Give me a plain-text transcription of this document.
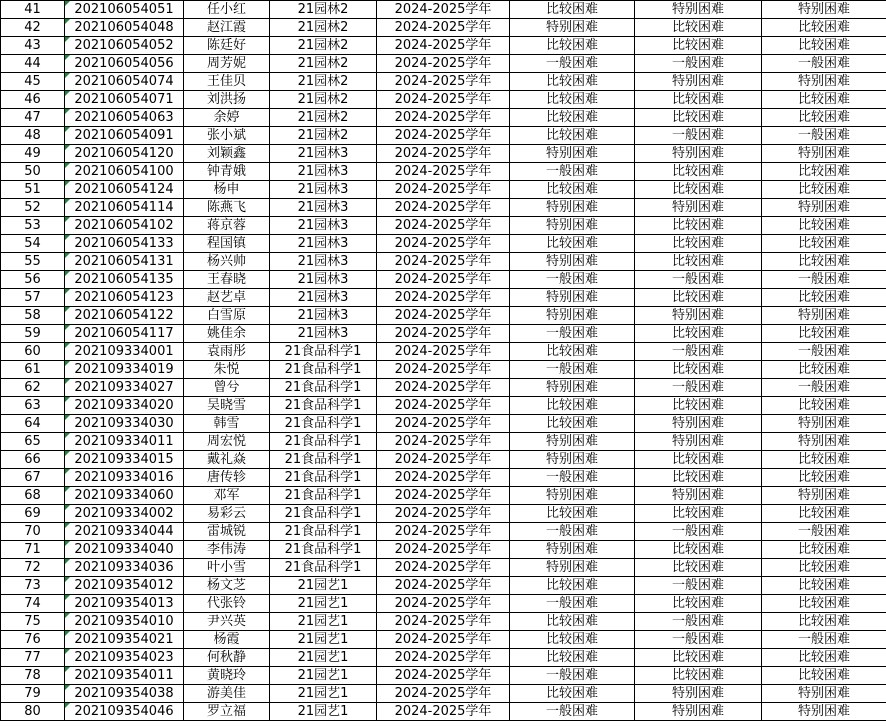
41	202106054051	任小红	21园林2	2024-2025学年	比较困难	特别困难	特别困难
42	202106054048	赵江霞	21园林2	2024-2025学年	特别困难	比较困难	比较困难
43	202106054052	陈廷好	21园林2	2024-2025学年	比较困难	比较困难	比较困难
44	202106054056	周芳妮	21园林2	2024-2025学年	一般困难	一般困难	一般困难
45	202106054074	王佳贝	21园林2	2024-2025学年	比较困难	特别困难	特别困难
46	202106054071	刘洪扬	21园林2	2024-2025学年	比较困难	比较困难	比较困难
47	202106054063	余婷	21园林2	2024-2025学年	比较困难	比较困难	比较困难
48	202106054091	张小斌	21园林2	2024-2025学年	比较困难	一般困难	一般困难
49	202106054120	刘颖鑫	21园林3	2024-2025学年	特别困难	特别困难	特别困难
50	202106054100	钟青娥	21园林3	2024-2025学年	一般困难	比较困难	比较困难
51	202106054124	杨申	21园林3	2024-2025学年	比较困难	比较困难	比较困难
52	202106054114	陈燕飞	21园林3	2024-2025学年	特别困难	特别困难	特别困难
53	202106054102	蒋京蓉	21园林3	2024-2025学年	特别困难	比较困难	比较困难
54	202106054133	程国镇	21园林3	2024-2025学年	比较困难	比较困难	比较困难
55	202106054131	杨兴帅	21园林3	2024-2025学年	特别困难	比较困难	比较困难
56	202106054135	王春晓	21园林3	2024-2025学年	一般困难	一般困难	一般困难
57	202106054123	赵艺卓	21园林3	2024-2025学年	特别困难	比较困难	比较困难
58	202106054122	白雪原	21园林3	2024-2025学年	特别困难	特别困难	特别困难
59	202106054117	姚佳余	21园林3	2024-2025学年	一般困难	比较困难	比较困难
60	202109334001	袁雨彤	21食品科学1	2024-2025学年	比较困难	一般困难	一般困难
61	202109334019	朱悦	21食品科学1	2024-2025学年	一般困难	比较困难	比较困难
62	202109334027	曾兮	21食品科学1	2024-2025学年	特别困难	一般困难	一般困难
63	202109334020	吴晓雪	21食品科学1	2024-2025学年	比较困难	比较困难	比较困难
64	202109334030	韩雪	21食品科学1	2024-2025学年	比较困难	特别困难	特别困难
65	202109334011	周宏悦	21食品科学1	2024-2025学年	特别困难	特别困难	特别困难
66	202109334015	戴礼焱	21食品科学1	2024-2025学年	特别困难	比较困难	比较困难
67	202109334016	唐传轸	21食品科学1	2024-2025学年	一般困难	比较困难	比较困难
68	202109334060	邓军	21食品科学1	2024-2025学年	特别困难	特别困难	特别困难
69	202109334002	易彩云	21食品科学1	2024-2025学年	比较困难	比较困难	比较困难
70	202109334044	雷城锐	21食品科学1	2024-2025学年	一般困难	一般困难	一般困难
71	202109334040	李伟涛	21食品科学1	2024-2025学年	特别困难	比较困难	比较困难
72	202109334036	叶小雪	21食品科学1	2024-2025学年	特别困难	比较困难	比较困难
73	202109354012	杨文芝	21园艺1	2024-2025学年	比较困难	一般困难	比较困难
74	202109354013	代张铃	21园艺1	2024-2025学年	一般困难	比较困难	比较困难
75	202109354010	尹兴英	21园艺1	2024-2025学年	比较困难	一般困难	比较困难
76	202109354021	杨霞	21园艺1	2024-2025学年	比较困难	一般困难	一般困难
77	202109354023	何秋静	21园艺1	2024-2025学年	比较困难	比较困难	比较困难
78	202109354011	黄晓玲	21园艺1	2024-2025学年	一般困难	比较困难	比较困难
79	202109354038	游美佳	21园艺1	2024-2025学年	比较困难	特别困难	特别困难
80	202109354046	罗立福	21园艺1	2024-2025学年	一般困难	特别困难	特别困难
